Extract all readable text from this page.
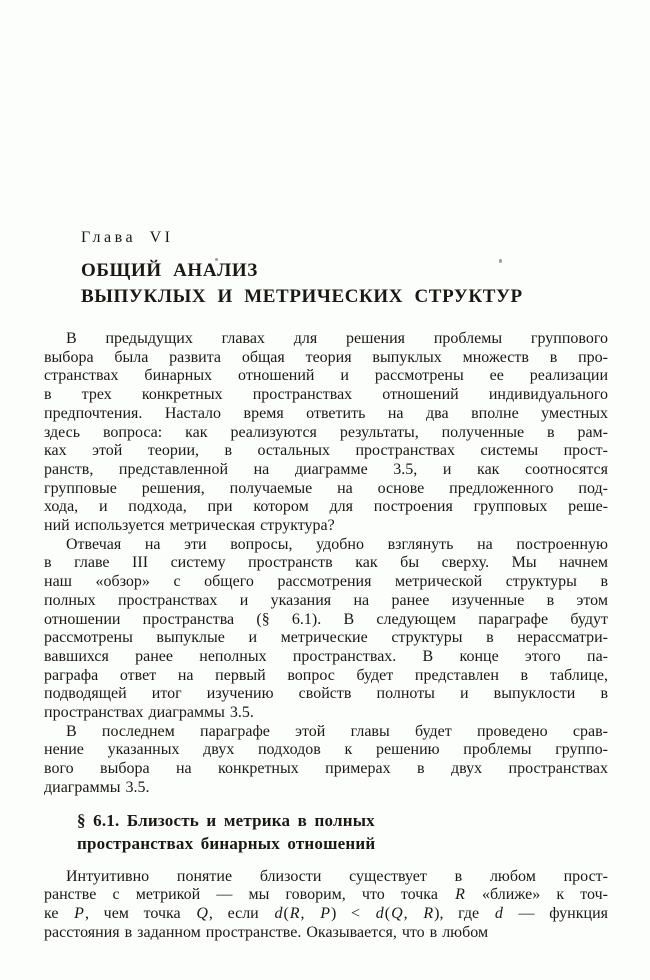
Глава VI
ОБЩИЙ АНАЛИЗ
ВЫПУКЛЫХ И МЕТРИЧЕСКИХ СТРУКТУР
В предыдущих главах для решения проблемы группового
выбора была развита общая теория выпуклых множеств в про-
странствах бинарных отношений и рассмотрены ее реализации
в трех конкретных пространствах отношений индивидуального
предпочтения. Настало время ответить на два вполне уместных
здесь вопроса: как реализуются результаты, полученные в рам-
ках этой теории, в остальных пространствах системы прост-
ранств, представленной на диаграмме 3.5, и как соотносятся
групповые решения, получаемые на основе предложенного под-
хода, и подхода, при котором для построения групповых реше-
ний используется метрическая структура?
Отвечая на эти вопросы, удобно взглянуть на построенную
в главе III систему пространств как бы сверху. Мы начнем
наш «обзор» с общего рассмотрения метрической структуры в
полных пространствах и указания на ранее изученные в этом
отношении пространства (§ 6.1). В следующем параграфе будут
рассмотрены выпуклые и метрические структуры в нерассматри-
вавшихся ранее неполных пространствах. В конце этого па-
раграфа ответ на первый вопрос будет представлен в таблице,
подводящей итог изучению свойств полноты и выпуклости в
пространствах диаграммы 3.5.
В последнем параграфе этой главы будет проведено срав-
нение указанных двух подходов к решению проблемы группо-
вого выбора на конкретных примерах в двух пространствах
диаграммы 3.5.
§ 6.1. Близость и метрика в полных
пространствах бинарных отношений
Интуитивно понятие близости существует в любом прост-
ранстве с метрикой — мы говорим, что точка R «ближе» к точ-
ке P, чем точка Q, если d(R, P) < d(Q, R), где d — функция
расстояния в заданном пространстве. Оказывается, что в любом
